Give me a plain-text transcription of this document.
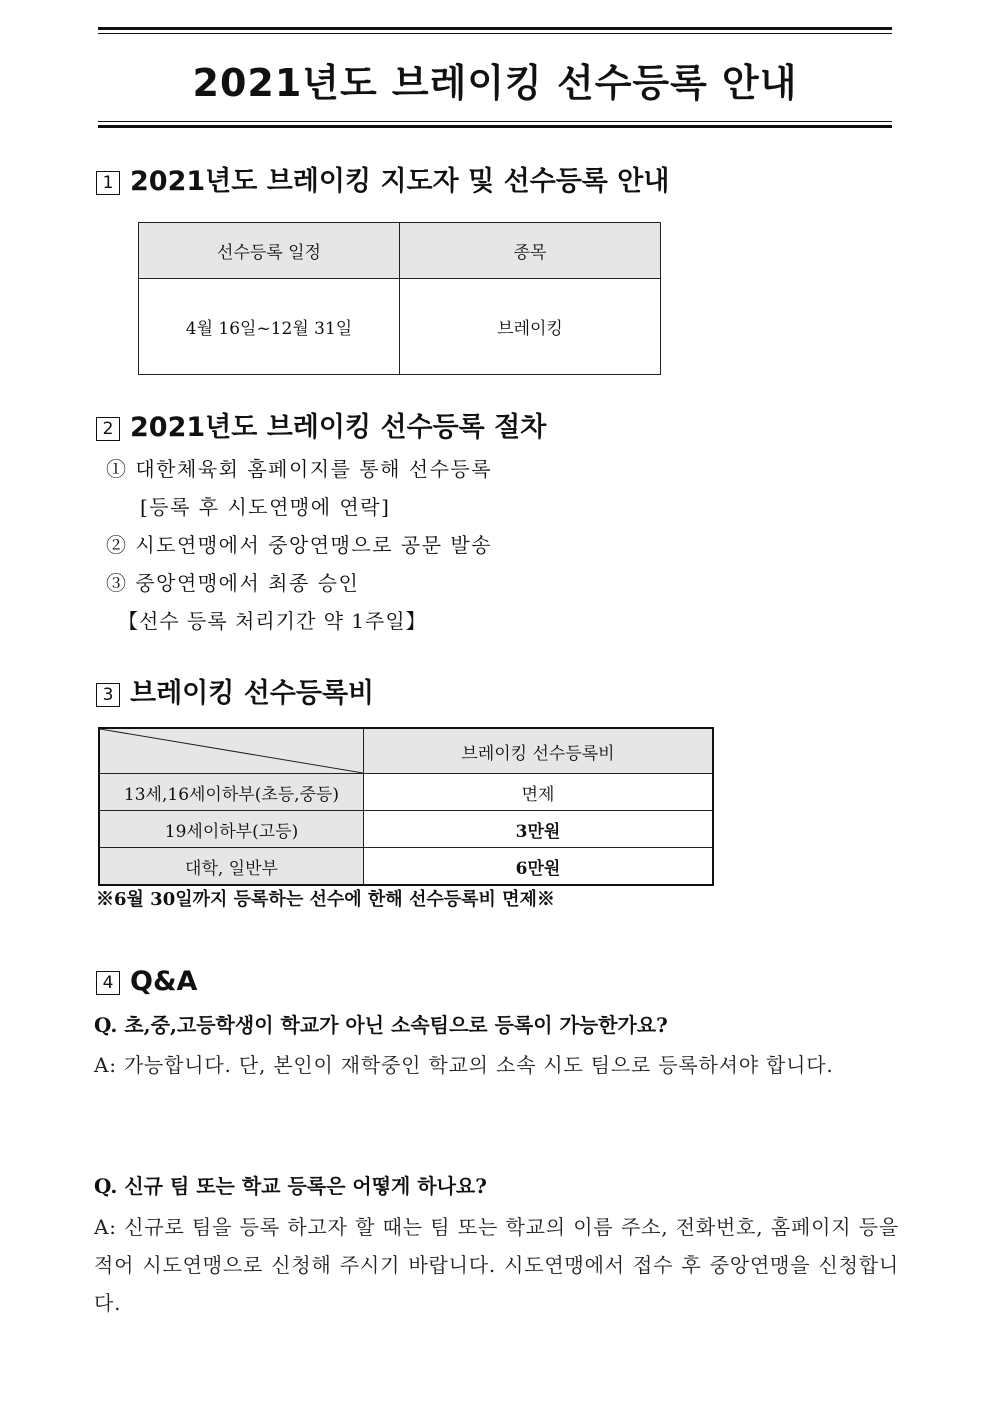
2021년도 브레이킹 선수등록 안내
1 2021년도 브레이킹 지도자 및 선수등록 안내
선수등록 일정	종목
4월 16일~12월 31일	브레이킹
2 2021년도 브레이킹 선수등록 절차
① 대한체육회 홈페이지를 통해 선수등록
[등록 후 시도연맹에 연락]
② 시도연맹에서 중앙연맹으로 공문 발송
③ 중앙연맹에서 최종 승인
【선수 등록 처리기간 약 1주일】
3 브레이킹 선수등록비
	브레이킹 선수등록비
13세,16세이하부(초등,중등)	면제
19세이하부(고등)	3만원
대학, 일반부	6만원
※6월 30일까지 등록하는 선수에 한해 선수등록비 면제※
4 Q&A
Q. 초,중,고등학생이 학교가 아닌 소속팀으로 등록이 가능한가요?
A: 가능합니다. 단, 본인이 재학중인 학교의 소속 시도 팀으로 등록하셔야 합니다.
Q. 신규 팀 또는 학교 등록은 어떻게 하나요?
A: 신규로 팀을 등록 하고자 할 때는 팀 또는 학교의 이름 주소, 전화번호, 홈페이지 등을 적어 시도연맹으로 신청해 주시기 바랍니다. 시도연맹에서 접수 후 중앙연맹을 신청합니다.
